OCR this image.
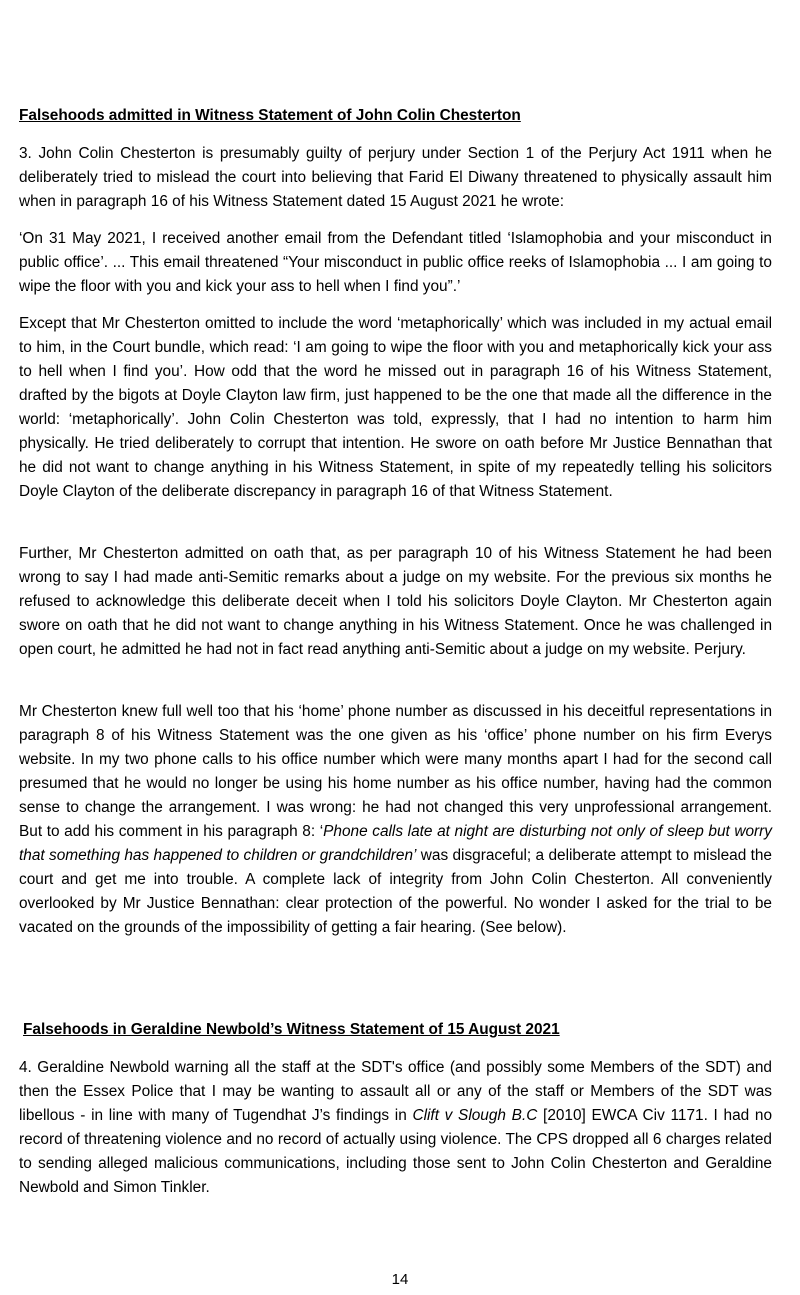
Falsehoods admitted in Witness Statement of John Colin Chesterton

3. John Colin Chesterton is presumably guilty of perjury under Section 1 of the Perjury Act 1911 when he deliberately tried to mislead the court into believing that Farid El Diwany threatened to physically assault him when in paragraph 16 of his Witness Statement dated 15 August 2021 he wrote:

‘On 31 May 2021, I received another email from the Defendant titled ‘Islamophobia and your misconduct in public office’. ... This email threatened “Your misconduct in public office reeks of Islamophobia ... I am going to wipe the floor with you and kick your ass to hell when I find you”.’

Except that Mr Chesterton omitted to include the word ‘metaphorically’ which was included in my actual email to him, in the Court bundle, which read: ‘I am going to wipe the floor with you and metaphorically kick your ass to hell when I find you’. How odd that the word he missed out in paragraph 16 of his Witness Statement, drafted by the bigots at Doyle Clayton law firm, just happened to be the one that made all the difference in the world: ‘metaphorically’. John Colin Chesterton was told, expressly, that I had no intention to harm him physically. He tried deliberately to corrupt that intention. He swore on oath before Mr Justice Bennathan that he did not want to change anything in his Witness Statement, in spite of my repeatedly telling his solicitors Doyle Clayton of the deliberate discrepancy in paragraph 16 of that Witness Statement.

Further, Mr Chesterton admitted on oath that, as per paragraph 10 of his Witness Statement he had been wrong to say I had made anti-Semitic remarks about a judge on my website. For the previous six months he refused to acknowledge this deliberate deceit when I told his solicitors Doyle Clayton. Mr Chesterton again swore on oath that he did not want to change anything in his Witness Statement. Once he was challenged in open court, he admitted he had not in fact read anything anti-Semitic about a judge on my website. Perjury.

Mr Chesterton knew full well too that his ‘home’ phone number as discussed in his deceitful representations in paragraph 8 of his Witness Statement was the one given as his ‘office’ phone number on his firm Everys website. In my two phone calls to his office number which were many months apart I had for the second call presumed that he would no longer be using his home number as his office number, having had the common sense to change the arrangement. I was wrong: he had not changed this very unprofessional arrangement. But to add his comment in his paragraph 8: ‘Phone calls late at night are disturbing not only of sleep but worry that something has happened to children or grandchildren’ was disgraceful; a deliberate attempt to mislead the court and get me into trouble. A complete lack of integrity from John Colin Chesterton. All conveniently overlooked by Mr Justice Bennathan: clear protection of the powerful. No wonder I asked for the trial to be vacated on the grounds of the impossibility of getting a fair hearing. (See below).

Falsehoods in Geraldine Newbold’s Witness Statement of 15 August 2021

4. Geraldine Newbold warning all the staff at the SDT's office (and possibly some Members of the SDT) and then the Essex Police that I may be wanting to assault all or any of the staff or Members of the SDT was libellous - in line with many of Tugendhat J’s findings in Clift v Slough B.C [2010] EWCA Civ 1171. I had no record of threatening violence and no record of actually using violence. The CPS dropped all 6 charges related to sending alleged malicious communications, including those sent to John Colin Chesterton and Geraldine Newbold and Simon Tinkler.

14
